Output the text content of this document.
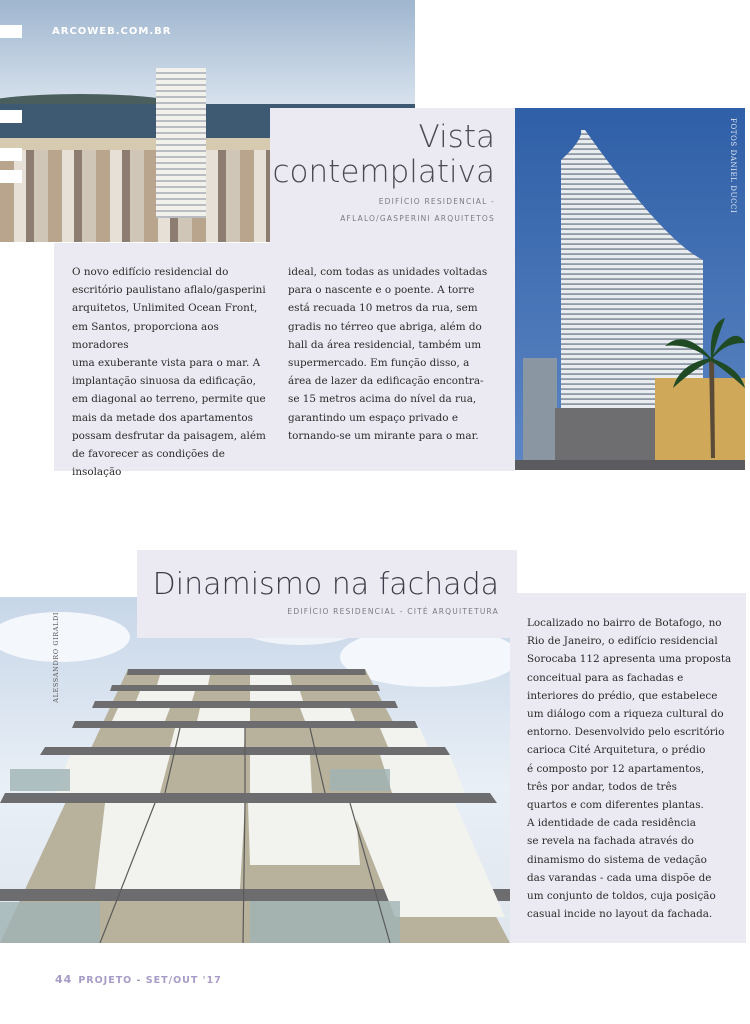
ARCOWEB.COM.BR
Vista
contemplativa
EDIFÍCIO RESIDENCIAL -
AFLALO/GASPERINI ARQUITETOS
O novo edifício residencial do
escritório paulistano aflalo/gasperini
arquitetos, Unlimited Ocean Front,
em Santos, proporciona aos moradores
uma exuberante vista para o mar. A
implantação sinuosa da edificação,
em diagonal ao terreno, permite que
mais da metade dos apartamentos
possam desfrutar da paisagem, além
de favorecer as condições de insolação
ideal, com todas as unidades voltadas
para o nascente e o poente. A torre
está recuada 10 metros da rua, sem
gradis no térreo que abriga, além do
hall da área residencial, também um
supermercado. Em função disso, a
área de lazer da edificação encontra-
se 15 metros acima do nível da rua,
garantindo um espaço privado e
tornando-se um mirante para o mar.
FOTOS DANIEL DUCCI
ALESSANDRO GIRALDI
Dinamismo na fachada
EDIFÍCIO RESIDENCIAL - CITÉ ARQUITETURA
Localizado no bairro de Botafogo, no
Rio de Janeiro, o edifício residencial
Sorocaba 112 apresenta uma proposta
conceitual para as fachadas e
interiores do prédio, que estabelece
um diálogo com a riqueza cultural do
entorno. Desenvolvido pelo escritório
carioca Cité Arquitetura, o prédio
é composto por 12 apartamentos,
três por andar, todos de três
quartos e com diferentes plantas.
A identidade de cada residência
se revela na fachada através do
dinamismo do sistema de vedação
das varandas - cada uma dispõe de
um conjunto de toldos, cuja posição
casual incide no layout da fachada.
44 PROJETO - SET/OUT '17
